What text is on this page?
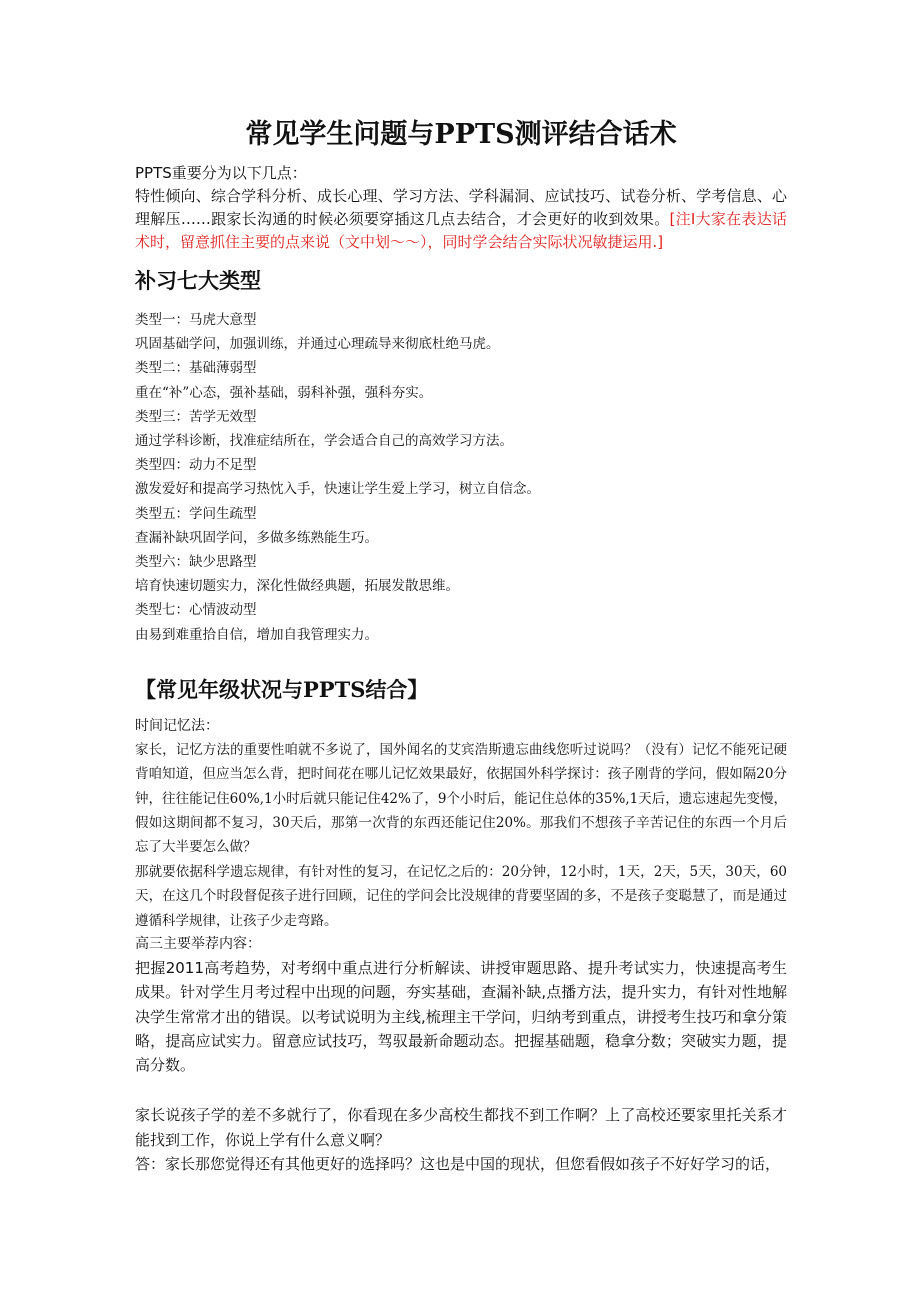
常见学生问题与PPTS测评结合话术

PPTS重要分为以下几点：

特性倾向、综合学科分析、成长心理、学习方法、学科漏洞、应试技巧、试卷分析、学考信息、心理解压……跟家长沟通的时候必须要穿插这几点去结合，才会更好的收到效果。[注I大家在表达话术时，留意抓住主要的点来说（文中划～～），同时学会结合实际状况敏捷运用.]

补习七大类型
类型一：马虎大意型
巩固基础学问，加强训练，并通过心理疏导来彻底杜绝马虎。
类型二：基础薄弱型
重在“补”心态，强补基础，弱科补强，强科夯实。
类型三：苦学无效型
通过学科诊断，找准症结所在，学会适合自己的高效学习方法。
类型四：动力不足型
激发爱好和提高学习热忱入手，快速让学生爱上学习，树立自信念。
类型五：学问生疏型
查漏补缺巩固学问，多做多练熟能生巧。
类型六：缺少思路型
培育快速切题实力，深化性做经典题，拓展发散思维。
类型七：心情波动型
由易到难重拾自信，增加自我管理实力。
【常见年级状况与PPTS结合】

时间记忆法：

家长，记忆方法的重要性咱就不多说了，国外闻名的艾宾浩斯遗忘曲线您听过说吗？（没有）记忆不能死记硬背咱知道，但应当怎么背，把时间花在哪儿记忆效果最好，依据国外科学探讨：孩子刚背的学问，假如隔20分钟，往往能记住60%,1小时后就只能记住42%了，9个小时后，能记住总体的35%,1天后，遗忘速起先变慢，假如这期间都不复习，30天后，那第一次背的东西还能记住20%。那我们不想孩子辛苦记住的东西一个月后忘了大半要怎么做？

那就要依据科学遗忘规律，有针对性的复习，在记忆之后的：20分钟，12小时，1天，2天，5天，30天，60天，在这几个时段督促孩子进行回顾，记住的学问会比没规律的背要坚固的多，不是孩子变聪慧了，而是通过遵循科学规律，让孩子少走弯路。

高三主要举荐内容：

把握2011高考趋势，对考纲中重点进行分析解读、讲授审题思路、提升考试实力，快速提高考生成果。针对学生月考过程中出现的问题，夯实基础，查漏补缺,点播方法，提升实力，有针对性地解决学生常常才出的错误。以考试说明为主线,梳理主干学问，归纳考到重点，讲授考生技巧和拿分策略，提高应试实力。留意应试技巧，驾驭最新命题动态。把握基础题，稳拿分数；突破实力题，提高分数。

家长说孩子学的差不多就行了，你看现在多少高校生都找不到工作啊？上了高校还要家里托关系才能找到工作，你说上学有什么意义啊？

答：家长那您觉得还有其他更好的选择吗？这也是中国的现状，但您看假如孩子不好好学习的话，
